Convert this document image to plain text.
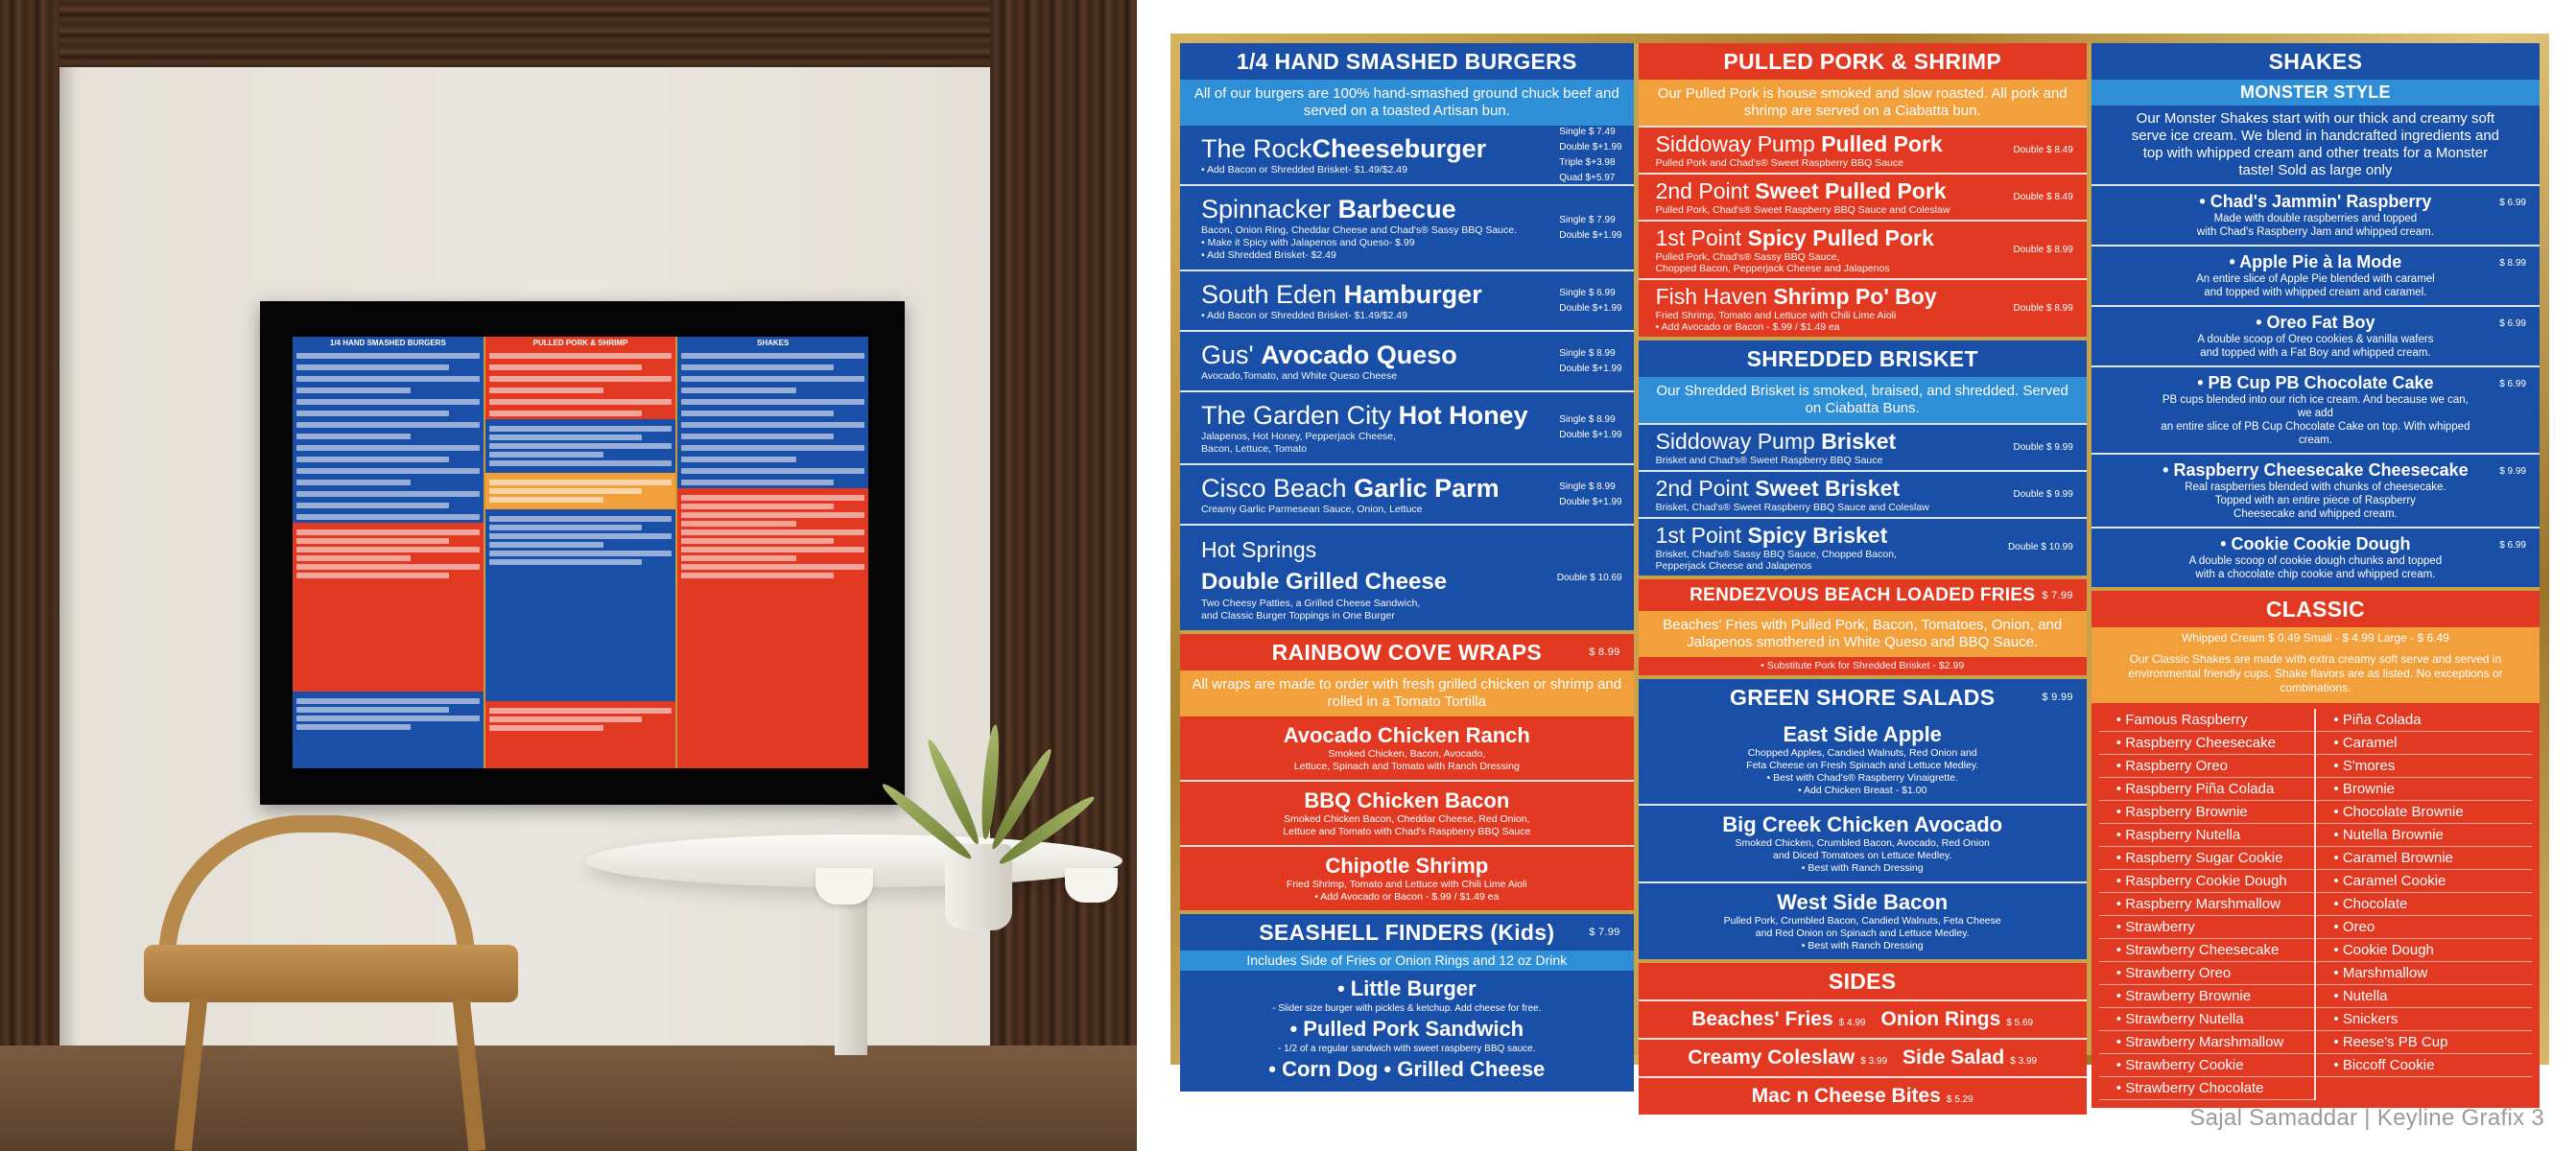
1/4 HAND SMASHED BURGERS	PULLED PORK & SHRIMP	SHAKES
1/4 HAND SMASHED BURGERS
All of our burgers are 100% hand-smashed ground chuck beef and served on a toasted Artisan bun.
The RockCheeseburger
• Add Bacon or Shredded Brisket- $1.49/$2.49
Single $ 7.49
Double $+1.99
Triple $+3.98
Quad $+5.97
Spinnacker Barbecue
Bacon, Onion Ring, Cheddar Cheese and Chad's® Sassy BBQ Sauce.
• Make it Spicy with Jalapenos and Queso- $.99
• Add Shredded Brisket- $2.49
Single $ 7.99
Double $+1.99
South Eden Hamburger
• Add Bacon or Shredded Brisket- $1.49/$2.49
Single $ 6.99
Double $+1.99
Gus' Avocado Queso
Avocado,Tomato, and White Queso Cheese
Single $ 8.99
Double $+1.99
The Garden City Hot Honey
Jalapenos, Hot Honey, Pepperjack Cheese,
Bacon, Lettuce, Tomato
Single $ 8.99
Double $+1.99
Cisco Beach Garlic Parm
Creamy Garlic Parmesean Sauce, Onion, Lettuce
Single $ 8.99
Double $+1.99
Hot Springs
Double Grilled Cheese
Two Cheesy Patties, a Grilled Cheese Sandwich,
and Classic Burger Toppings in One Burger
Double $ 10.69
RAINBOW COVE WRAPS	$ 8.99
All wraps are made to order with fresh grilled chicken or shrimp and rolled in a Tomato Tortilla
Avocado Chicken Ranch
Smoked Chicken, Bacon, Avocado,
Lettuce, Spinach and Tomato with Ranch Dressing
BBQ Chicken Bacon
Smoked Chicken Bacon, Cheddar Cheese, Red Onion,
Lettuce and Tomato with Chad's Raspberry BBQ Sauce
Chipotle Shrimp
Fried Shrimp, Tomato and Lettuce with Chili Lime Aioli
• Add Avocado or Bacon - $.99 / $1.49 ea
SEASHELL FINDERS (Kids)	$ 7.99
Includes Side of Fries or Onion Rings and 12 oz Drink
• Little Burger
- Slider size burger with pickles & ketchup. Add cheese for free.
• Pulled Pork Sandwich
- 1/2 of a regular sandwich with sweet raspberry BBQ sauce.
• Corn Dog • Grilled Cheese
PULLED PORK & SHRIMP
Our Pulled Pork is house smoked and slow roasted. All pork and shrimp are served on a Ciabatta bun.
Siddoway Pump Pulled Pork
Pulled Pork and Chad's® Sweet Raspberry BBQ Sauce
Double $ 8.49
2nd Point Sweet Pulled Pork
Pulled Pork, Chad's® Sweet Raspberry BBQ Sauce and Coleslaw
Double $ 8.49
1st Point Spicy Pulled Pork
Pulled Pork, Chad's® Sassy BBQ Sauce,
Chopped Bacon, Pepperjack Cheese and Jalapenos
Double $ 8.99
Fish Haven Shrimp Po' Boy
Fried Shrimp, Tomato and Lettuce with Chili Lime Aioli
• Add Avocado or Bacon - $.99 / $1.49 ea
Double $ 8.99
SHREDDED BRISKET
Our Shredded Brisket is smoked, braised, and shredded. Served on Ciabatta Buns.
Siddoway Pump Brisket
Brisket and Chad's® Sweet Raspberry BBQ Sauce
Double $ 9.99
2nd Point Sweet Brisket
Brisket, Chad's® Sweet Raspberry BBQ Sauce and Coleslaw
Double $ 9.99
1st Point Spicy Brisket
Brisket, Chad's® Sassy BBQ Sauce, Chopped Bacon,
Pepperjack Cheese and Jalapenos
Double $ 10.99
RENDEZVOUS BEACH LOADED FRIES $ 7.99
Beaches' Fries with Pulled Pork, Bacon, Tomatoes, Onion, and Jalapenos smothered in White Queso and BBQ Sauce.
• Substitute Pork for Shredded Brisket - $2.99
GREEN SHORE SALADS	$ 9.99
East Side Apple
Chopped Apples, Candied Walnuts, Red Onion and
Feta Cheese on Fresh Spinach and Lettuce Medley.
• Best with Chad's® Raspberry Vinaigrette.
• Add Chicken Breast - $1.00
Big Creek Chicken Avocado
Smoked Chicken, Crumbled Bacon, Avocado, Red Onion
and Diced Tomatoes on Lettuce Medley.
• Best with Ranch Dressing
West Side Bacon
Pulled Pork, Crumbled Bacon, Candied Walnuts, Feta Cheese
and Red Onion on Spinach and Lettuce Medley.
• Best with Ranch Dressing
SIDES
Beaches' Fries $ 4.99 Onion Rings $ 5.69
Creamy Coleslaw $ 3.99 Side Salad $ 3.99
Mac n Cheese Bites $ 5.29
SHAKES
MONSTER STYLE
Our Monster Shakes start with our thick and creamy soft serve ice cream. We blend in handcrafted ingredients and top with whipped cream and other treats for a Monster taste! Sold as large only
• Chad's Jammin' Raspberry
Made with double raspberries and topped
with Chad's Raspberry Jam and whipped cream.
$ 6.99
• Apple Pie à la Mode
An entire slice of Apple Pie blended with caramel
and topped with whipped cream and caramel.
$ 8.99
• Oreo Fat Boy
A double scoop of Oreo cookies & vanilla wafers
and topped with a Fat Boy and whipped cream.
$ 6.99
• PB Cup PB Chocolate Cake
PB cups blended into our rich ice cream. And because we can, we add
an entire slice of PB Cup Chocolate Cake on top. With whipped cream.
$ 6.99
• Raspberry Cheesecake Cheesecake
Real raspberries blended with chunks of cheesecake.
Topped with an entire piece of Raspberry
Cheesecake and whipped cream.
$ 9.99
• Cookie Cookie Dough
A double scoop of cookie dough chunks and topped
with a chocolate chip cookie and whipped cream.
$ 6.99
CLASSIC
Whipped Cream $ 0.49 Small - $ 4.99 Large - $ 6.49
Our Classic Shakes are made with extra creamy soft serve and served in environmental friendly cups. Shake flavors are as listed. No exceptions or combinations.
• Famous Raspberry
• Raspberry Cheesecake
• Raspberry Oreo
• Raspberry Piña Colada
• Raspberry Brownie
• Raspberry Nutella
• Raspberry Sugar Cookie
• Raspberry Cookie Dough
• Raspberry Marshmallow
• Strawberry
• Strawberry Cheesecake
• Strawberry Oreo
• Strawberry Brownie
• Strawberry Nutella
• Strawberry Marshmallow
• Strawberry Cookie
• Strawberry Chocolate
• Piña Colada
• Caramel
• S'mores
• Brownie
• Chocolate Brownie
• Nutella Brownie
• Caramel Brownie
• Caramel Cookie
• Chocolate
• Oreo
• Cookie Dough
• Marshmallow
• Nutella
• Snickers
• Reese's PB Cup
• Biccoff Cookie
Sajal Samaddar | Keyline Grafix 3
